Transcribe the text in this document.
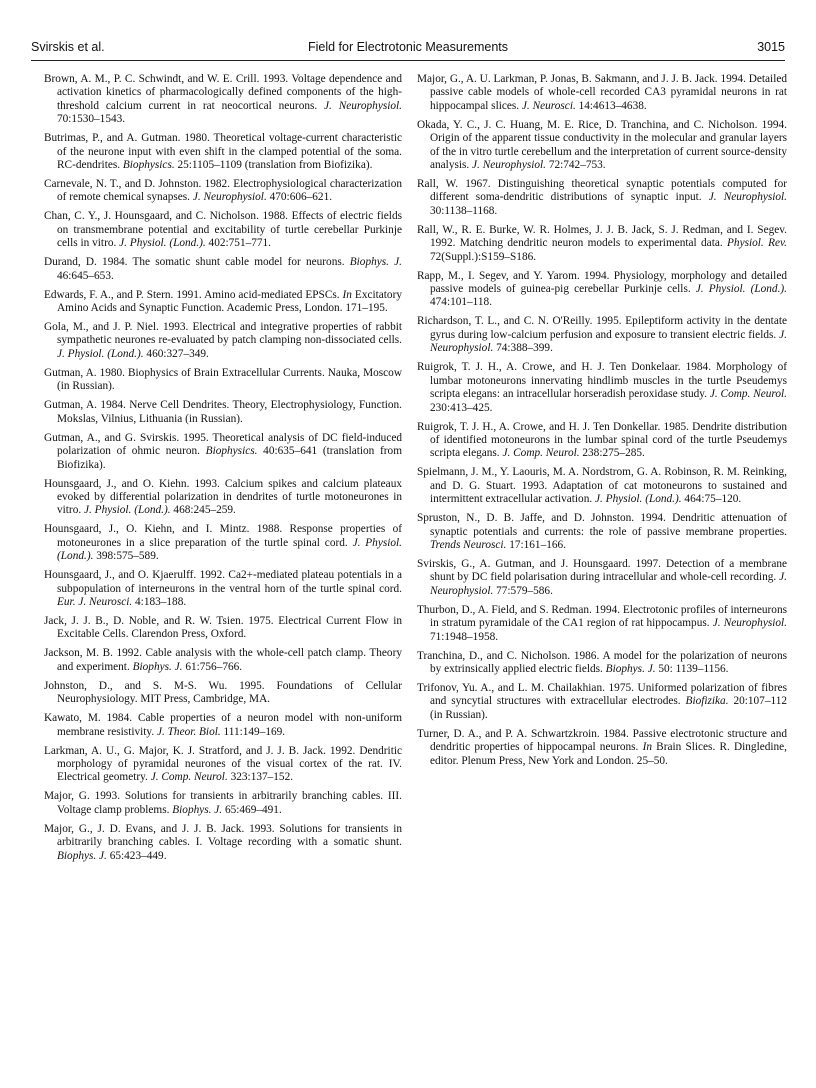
Svirskis et al.	Field for Electrotonic Measurements	3015

Brown, A. M., P. C. Schwindt, and W. E. Crill. 1993. Voltage dependence and activation kinetics of pharmacologically defined components of the high-threshold calcium current in rat neocortical neurons. J. Neurophysiol. 70:1530–1543.

Butrimas, P., and A. Gutman. 1980. Theoretical voltage-current characteristic of the neurone input with even shift in the clamped potential of the soma. RC-dendrites. Biophysics. 25:1105–1109 (translation from Biofizika).

Carnevale, N. T., and D. Johnston. 1982. Electrophysiological characterization of remote chemical synapses. J. Neurophysiol. 470:606–621.

Chan, C. Y., J. Hounsgaard, and C. Nicholson. 1988. Effects of electric fields on transmembrane potential and excitability of turtle cerebellar Purkinje cells in vitro. J. Physiol. (Lond.). 402:751–771.

Durand, D. 1984. The somatic shunt cable model for neurons. Biophys. J. 46:645–653.

Edwards, F. A., and P. Stern. 1991. Amino acid-mediated EPSCs. In Excitatory Amino Acids and Synaptic Function. Academic Press, London. 171–195.

Gola, M., and J. P. Niel. 1993. Electrical and integrative properties of rabbit sympathetic neurones re-evaluated by patch clamping non-dissociated cells. J. Physiol. (Lond.). 460:327–349.

Gutman, A. 1980. Biophysics of Brain Extracellular Currents. Nauka, Moscow (in Russian).

Gutman, A. 1984. Nerve Cell Dendrites. Theory, Electrophysiology, Function. Mokslas, Vilnius, Lithuania (in Russian).

Gutman, A., and G. Svirskis. 1995. Theoretical analysis of DC field-induced polarization of ohmic neuron. Biophysics. 40:635–641 (translation from Biofizika).

Hounsgaard, J., and O. Kiehn. 1993. Calcium spikes and calcium plateaux evoked by differential polarization in dendrites of turtle motoneurones in vitro. J. Physiol. (Lond.). 468:245–259.

Hounsgaard, J., O. Kiehn, and I. Mintz. 1988. Response properties of motoneurones in a slice preparation of the turtle spinal cord. J. Physiol. (Lond.). 398:575–589.

Hounsgaard, J., and O. Kjaerulff. 1992. Ca2+-mediated plateau potentials in a subpopulation of interneurons in the ventral horn of the turtle spinal cord. Eur. J. Neurosci. 4:183–188.

Jack, J. J. B., D. Noble, and R. W. Tsien. 1975. Electrical Current Flow in Excitable Cells. Clarendon Press, Oxford.

Jackson, M. B. 1992. Cable analysis with the whole-cell patch clamp. Theory and experiment. Biophys. J. 61:756–766.

Johnston, D., and S. M-S. Wu. 1995. Foundations of Cellular Neurophysiology. MIT Press, Cambridge, MA.

Kawato, M. 1984. Cable properties of a neuron model with non-uniform membrane resistivity. J. Theor. Biol. 111:149–169.

Larkman, A. U., G. Major, K. J. Stratford, and J. J. B. Jack. 1992. Dendritic morphology of pyramidal neurones of the visual cortex of the rat. IV. Electrical geometry. J. Comp. Neurol. 323:137–152.

Major, G. 1993. Solutions for transients in arbitrarily branching cables. III. Voltage clamp problems. Biophys. J. 65:469–491.

Major, G., J. D. Evans, and J. J. B. Jack. 1993. Solutions for transients in arbitrarily branching cables. I. Voltage recording with a somatic shunt. Biophys. J. 65:423–449.

Major, G., A. U. Larkman, P. Jonas, B. Sakmann, and J. J. B. Jack. 1994. Detailed passive cable models of whole-cell recorded CA3 pyramidal neurons in rat hippocampal slices. J. Neurosci. 14:4613–4638.

Okada, Y. C., J. C. Huang, M. E. Rice, D. Tranchina, and C. Nicholson. 1994. Origin of the apparent tissue conductivity in the molecular and granular layers of the in vitro turtle cerebellum and the interpretation of current source-density analysis. J. Neurophysiol. 72:742–753.

Rall, W. 1967. Distinguishing theoretical synaptic potentials computed for different soma-dendritic distributions of synaptic input. J. Neurophysiol. 30:1138–1168.

Rall, W., R. E. Burke, W. R. Holmes, J. J. B. Jack, S. J. Redman, and I. Segev. 1992. Matching dendritic neuron models to experimental data. Physiol. Rev. 72(Suppl.):S159–S186.

Rapp, M., I. Segev, and Y. Yarom. 1994. Physiology, morphology and detailed passive models of guinea-pig cerebellar Purkinje cells. J. Physiol. (Lond.). 474:101–118.

Richardson, T. L., and C. N. O'Reilly. 1995. Epileptiform activity in the dentate gyrus during low-calcium perfusion and exposure to transient electric fields. J. Neurophysiol. 74:388–399.

Ruigrok, T. J. H., A. Crowe, and H. J. Ten Donkelaar. 1984. Morphology of lumbar motoneurons innervating hindlimb muscles in the turtle Pseudemys scripta elegans: an intracellular horseradish peroxidase study. J. Comp. Neurol. 230:413–425.

Ruigrok, T. J. H., A. Crowe, and H. J. Ten Donkellar. 1985. Dendrite distribution of identified motoneurons in the lumbar spinal cord of the turtle Pseudemys scripta elegans. J. Comp. Neurol. 238:275–285.

Spielmann, J. M., Y. Laouris, M. A. Nordstrom, G. A. Robinson, R. M. Reinking, and D. G. Stuart. 1993. Adaptation of cat motoneurons to sustained and intermittent extracellular activation. J. Physiol. (Lond.). 464:75–120.

Spruston, N., D. B. Jaffe, and D. Johnston. 1994. Dendritic attenuation of synaptic potentials and currents: the role of passive membrane properties. Trends Neurosci. 17:161–166.

Svirskis, G., A. Gutman, and J. Hounsgaard. 1997. Detection of a membrane shunt by DC field polarisation during intracellular and whole-cell recording. J. Neurophysiol. 77:579–586.

Thurbon, D., A. Field, and S. Redman. 1994. Electrotonic profiles of interneurons in stratum pyramidale of the CA1 region of rat hippocampus. J. Neurophysiol. 71:1948–1958.

Tranchina, D., and C. Nicholson. 1986. A model for the polarization of neurons by extrinsically applied electric fields. Biophys. J. 50: 1139–1156.

Trifonov, Yu. A., and L. M. Chailakhian. 1975. Uniformed polarization of fibres and syncytial structures with extracellular electrodes. Biofizika. 20:107–112 (in Russian).

Turner, D. A., and P. A. Schwartzkroin. 1984. Passive electrotonic structure and dendritic properties of hippocampal neurons. In Brain Slices. R. Dingledine, editor. Plenum Press, New York and London. 25–50.
